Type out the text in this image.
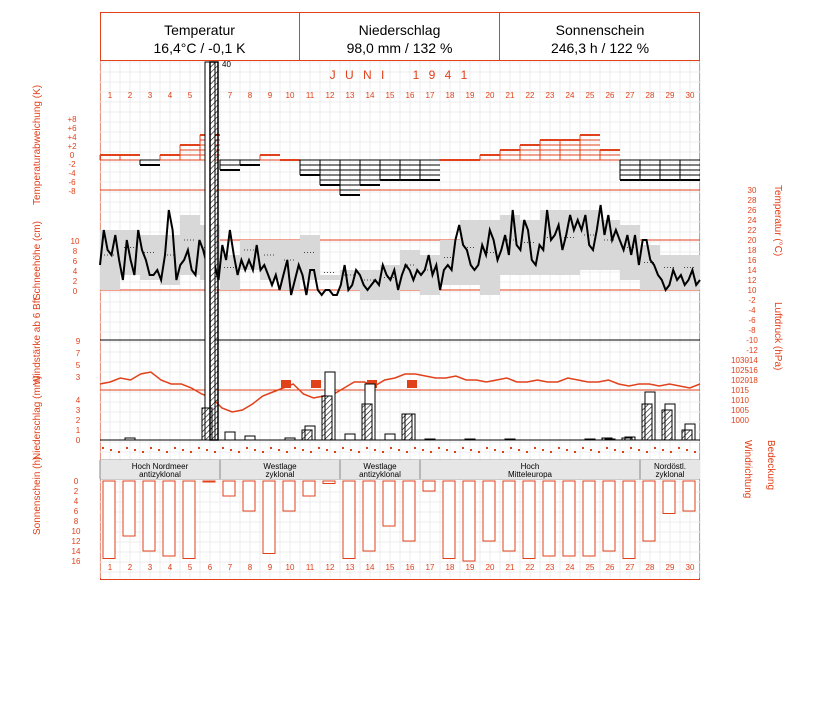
Temperatur
16,4°C / -0,1 K
Niederschlag
98,0 mm / 132 %
Sonnenschein
246,3 h / 122 %
1
1
2
2
3
3
4
4
5
5 6
7
7
8
8
9
9
10
10
11
11
12
12
13
13
14
14
15
15
16
16
17
17
18
18
19
19
20
20
21
21
22
22
23
23
24
24
25
25
26
26
27
27
28
28
29
29
30
30
+8
+6
+4
+2
0
-2
-4
-6
-8
10
8
6
4
2
0
9
7
5
3
4
3
2
1
0
0
2
4
6
8
10
12
14
16
30
28
26
24
22
20
18
16
14
12
10
-2
-4
-6
-8
-10
-12
-14
-16
-18
1030
1025
1020
1015
1010
1005
1000
Hoch Nordmeer
antizyklonal
Westlage
zyklonal
Westlage
antizyklonal
Hoch
Mitteleuropa
Nordöstl.
zyklonal
J U N I    1 9 4 1
40
Temperaturabweichung (K)
Schneehöhe (cm)
Windstärke ab 6 Bft
Niederschlag (mm)
Sonnenschein (h)
Temperatur (°C)
Luftdruck (hPa)
Windrichtung Bedeckung
